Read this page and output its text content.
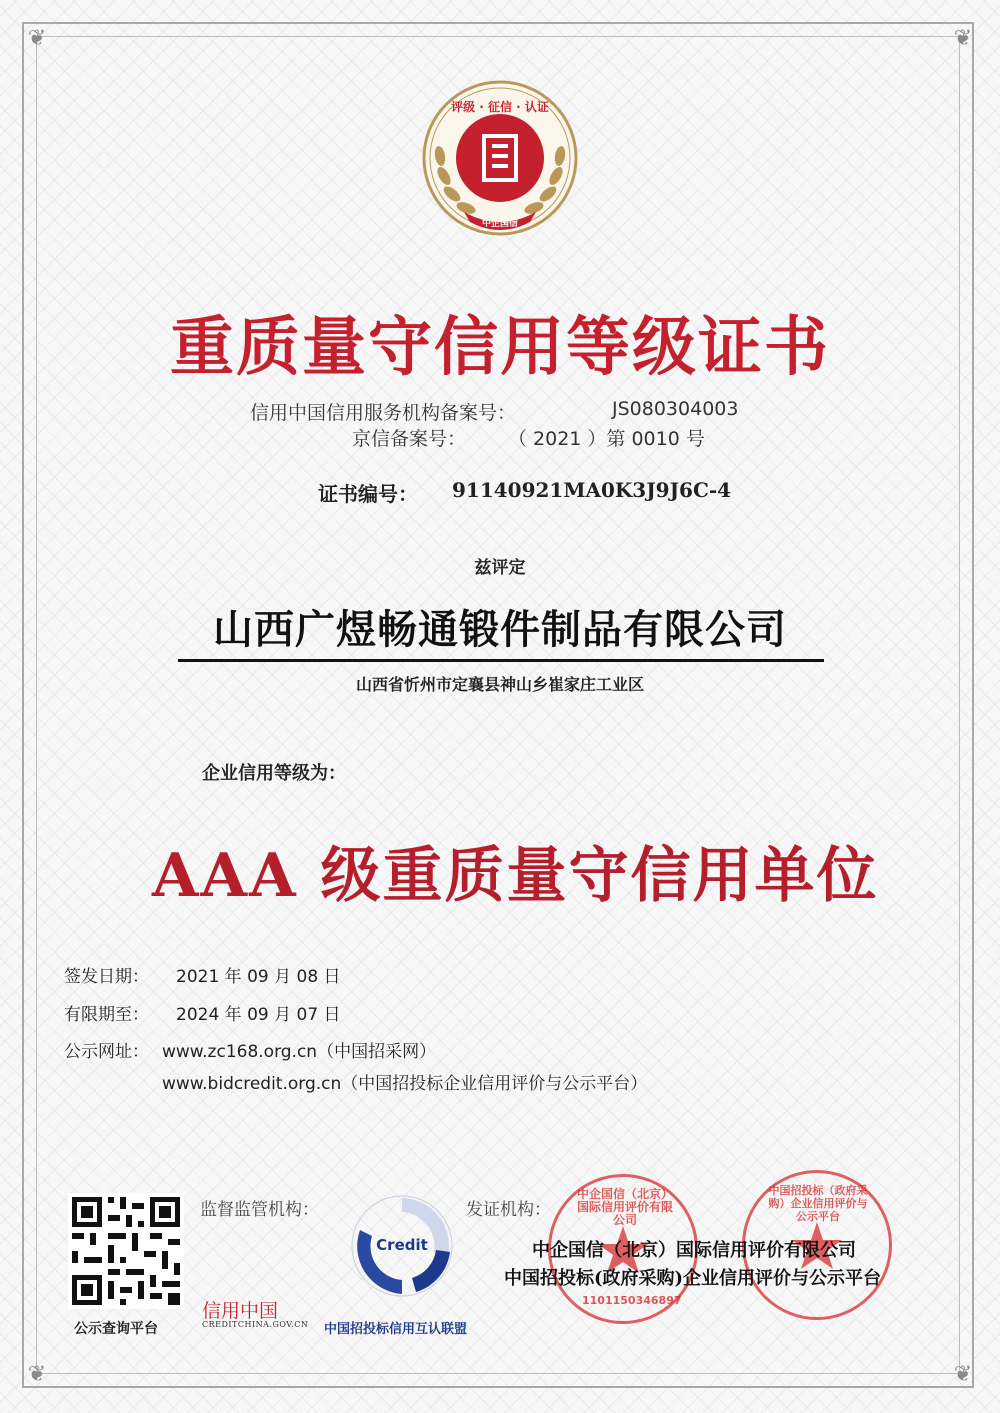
❦	❦
❦	❦
评级 · 征信 · 认证
中企国信
重质量守信用等级证书
信用中国信用服务机构备案号：	JS080304003
京信备案号： （ 2021 ）第 0010 号
证书编号： 91140921MA0K3J9J6C-4
兹评定
山西广煜畅通锻件制品有限公司
山西省忻州市定襄县神山乡崔家庄工业区
企业信用等级为：
AAA 级重质量守信用单位
签发日期： 2021 年 09 月 08 日
有限期至： 2024 年 09 月 07 日
公示网址： www.zc168.org.cn（中国招采网）
www.bidcredit.org.cn（中国招投标企业信用评价与公示平台）
公示查询平台
监督监管机构：
信用中国
CREDITCHINA.GOV.CN
Credit
中国招投标信用互认联盟
发证机构：
中企国信（北京）国际信用评价有限公司
1101150346897
中国招投标（政府采购）企业信用评价与公示平台
中企国信（北京）国际信用评价有限公司
中国招投标(政府采购)企业信用评价与公示平台
